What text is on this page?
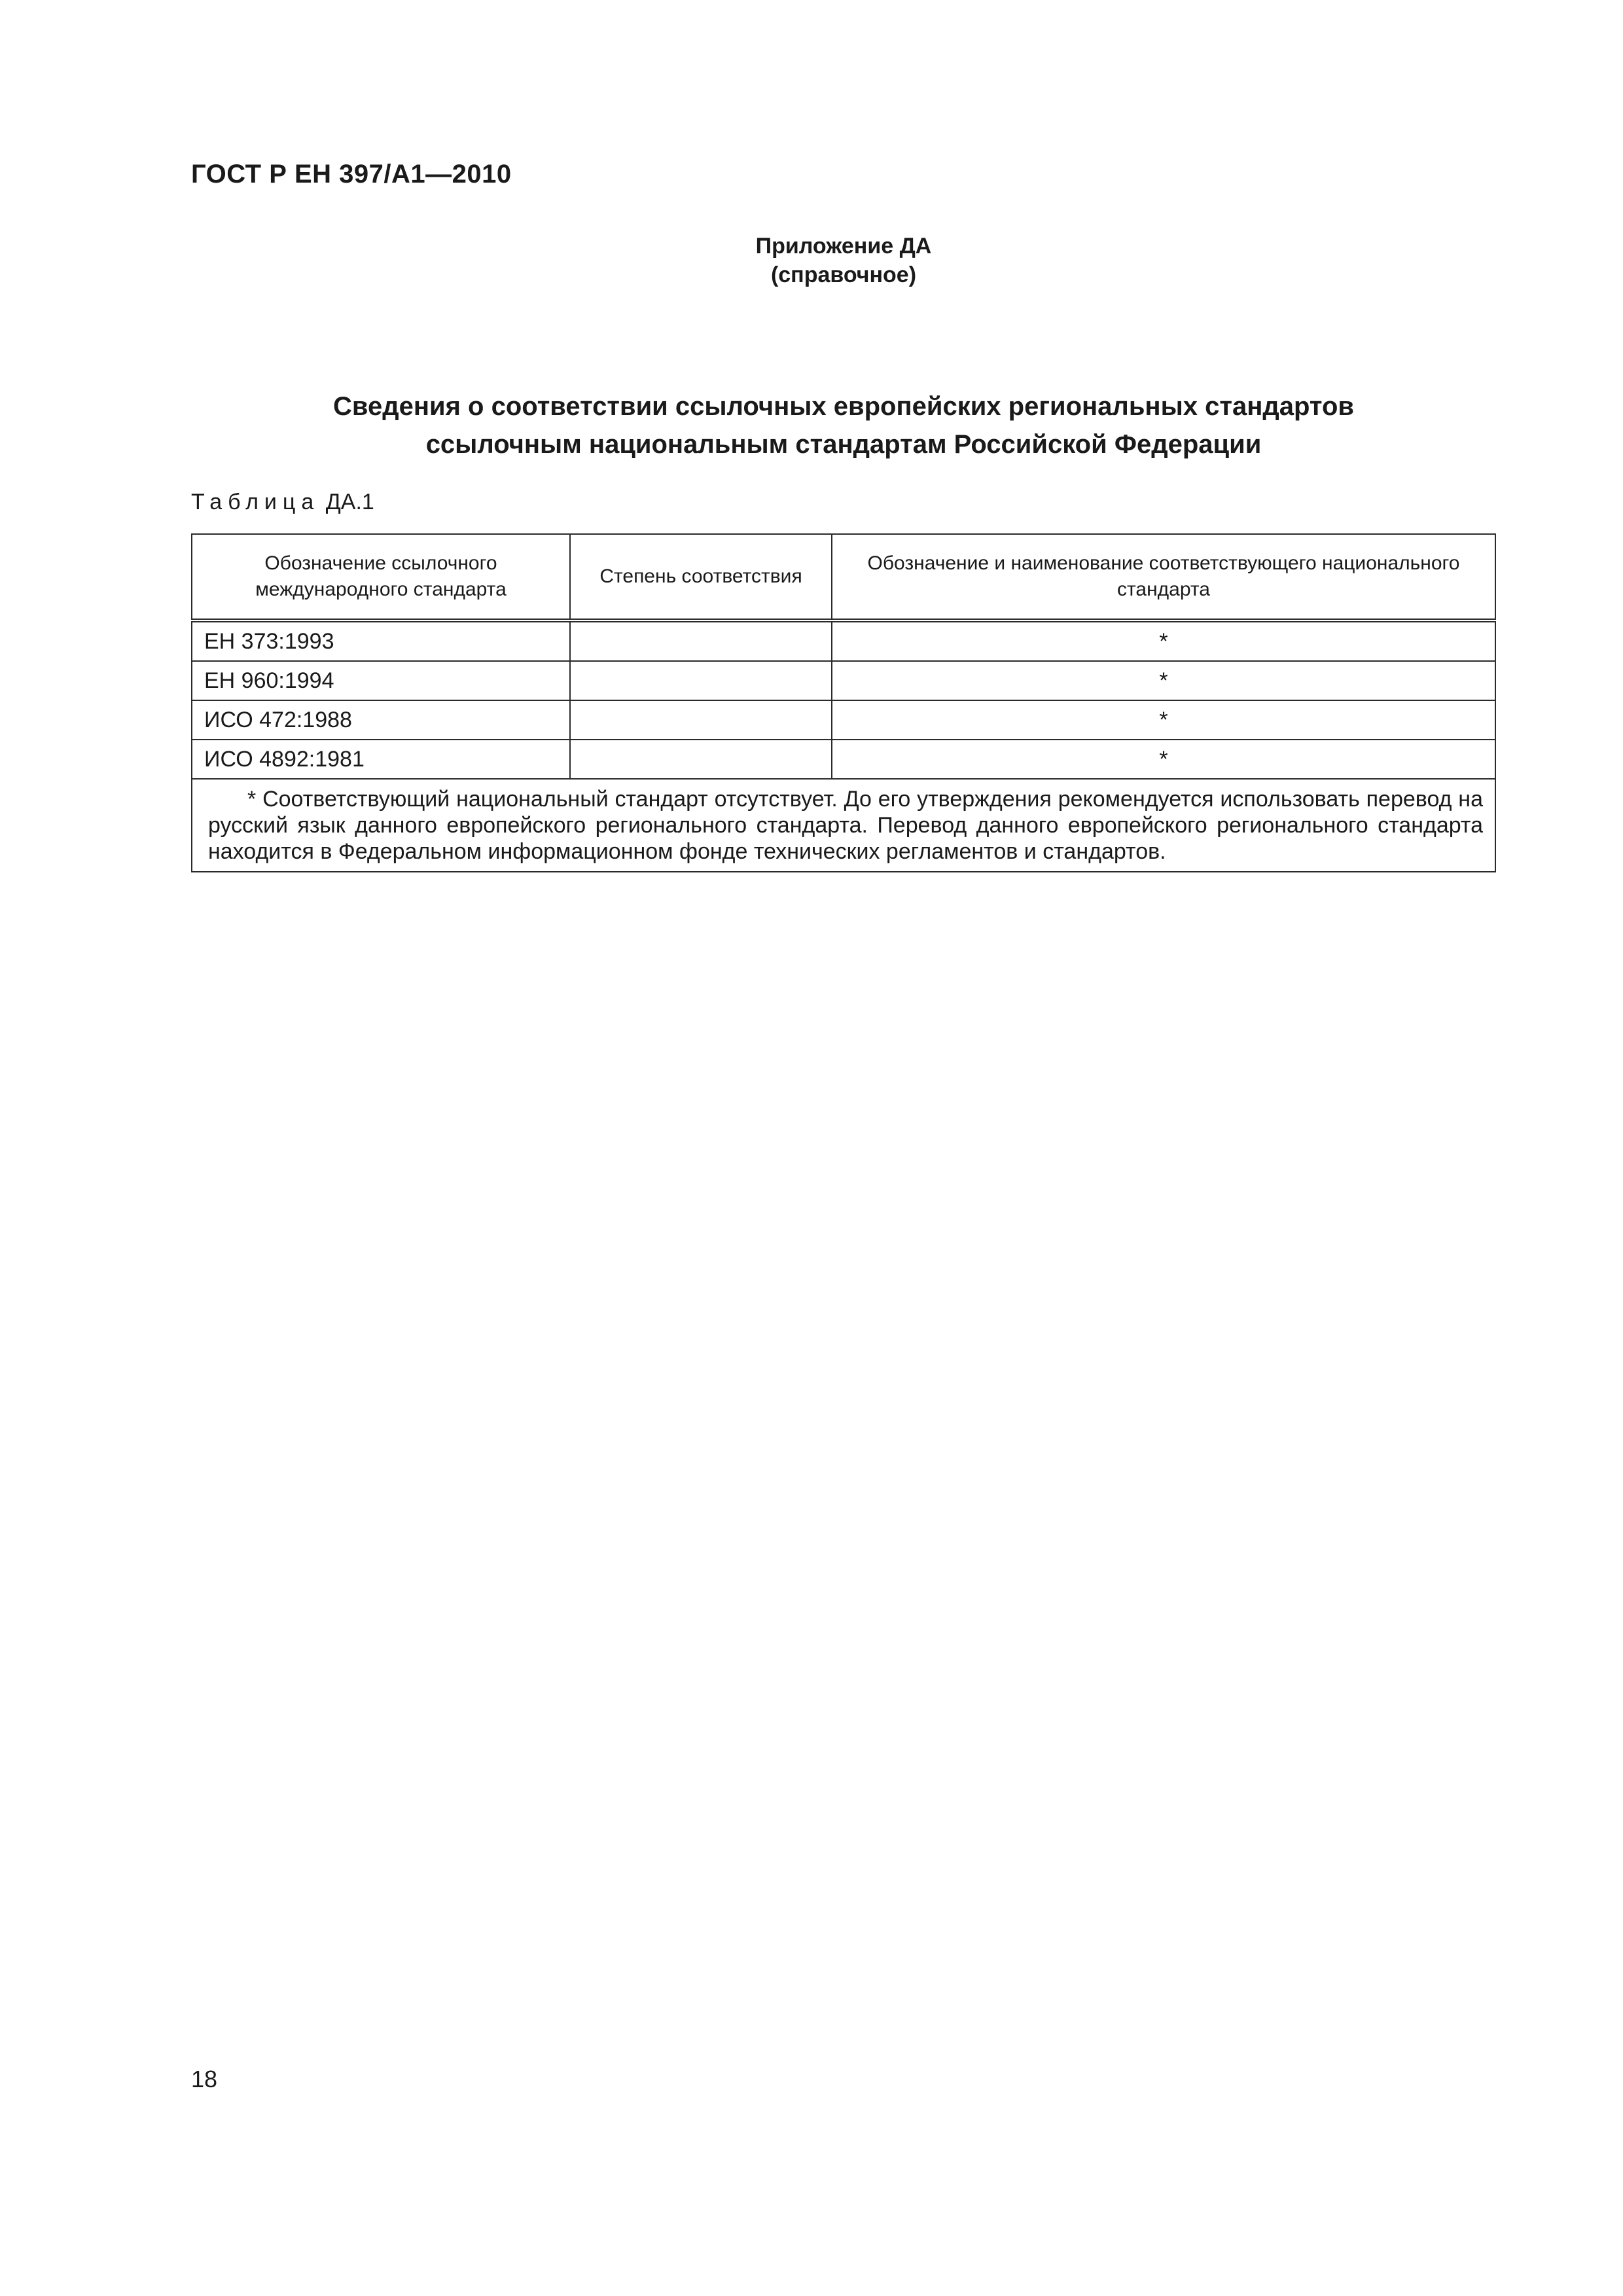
ГОСТ Р ЕН 397/А1—2010
Приложение ДА
(справочное)
Сведения о соответствии ссылочных европейских региональных стандартов
ссылочным национальным стандартам Российской Федерации
Таблица ДА.1
Обозначение ссылочного международного стандарта	Степень соответствия	Обозначение и наименование соответствующего национального стандарта
ЕН 373:1993		*
ЕН 960:1994		*
ИСО 472:1988		*
ИСО 4892:1981		*
* Соответствующий национальный стандарт отсутствует. До его утверждения рекомендуется использовать перевод на русский язык данного европейского регионального стандарта. Перевод данного европейского регионального стандарта находится в Федеральном информационном фонде технических регламентов и стандартов.		
18
